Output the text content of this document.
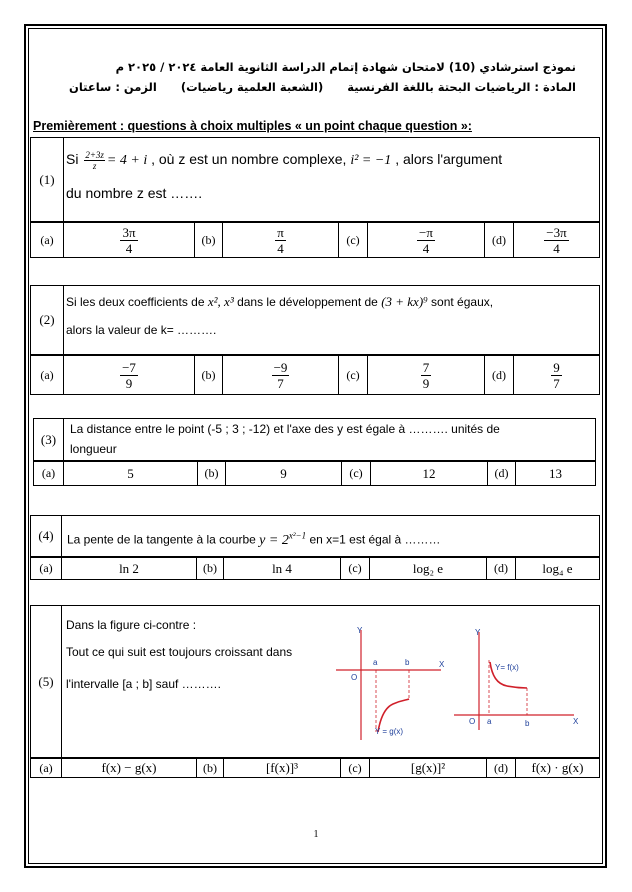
نموذج استرشادي (10) لامتحان شهادة إتمام الدراسة الثانوية العامة ٢٠٢٤ / ٢٠٢٥ م
المادة : الرياضيات البحتة باللغة الفرنسية (الشعبة العلمية رياضيات) الزمن : ساعتان
Premièrement : questions à choix multiples « un point chaque question »:
(1)
Si $\frac{2+3z}{z} = 4 + i$ , où z est un nombre complexe, i² = −1 , alors l'argument
du nombre z est …….
(a)	$\frac{3\pi}{4}$	(b)	$\frac{\pi}{4}$	(c)	$\frac{-\pi}{4}$	(d)	$\frac{-3\pi}{4}$
(2)
Si les deux coefficients de x², x³ dans le développement de (3 + kx)⁹ sont égaux,
alors la valeur de k= ……….
(a)	$\frac{-7}{9}$	(b)	$\frac{-9}{7}$	(c)	$\frac{7}{9}$	(d)	$\frac{9}{7}$
(3)
La distance entre le point (-5 ; 3 ; -12) et l'axe des y est égale à ………. unités de
longueur
(a)	5	(b)	9	(c)	12	(d)	13
(4)	La pente de la tangente à la courbe $y = 2^{x^2-1}$ en x=1 est égal à ………
(a)	ln 2	(b)	ln 4	(c)	log₂ e	(d)	log₄ e
(5)
Dans la figure ci-contre :
Tout ce qui suit est toujours croissant dans
l'intervalle [a ; b] sauf ……….
Y
X
O
a	b
Y = g(x)
Y
X
O a	b
Y= f(x)
(a)	f(x) − g(x)	(b)	[f(x)]³	(c)	[g(x)]²	(d)	f(x) · g(x)
1
